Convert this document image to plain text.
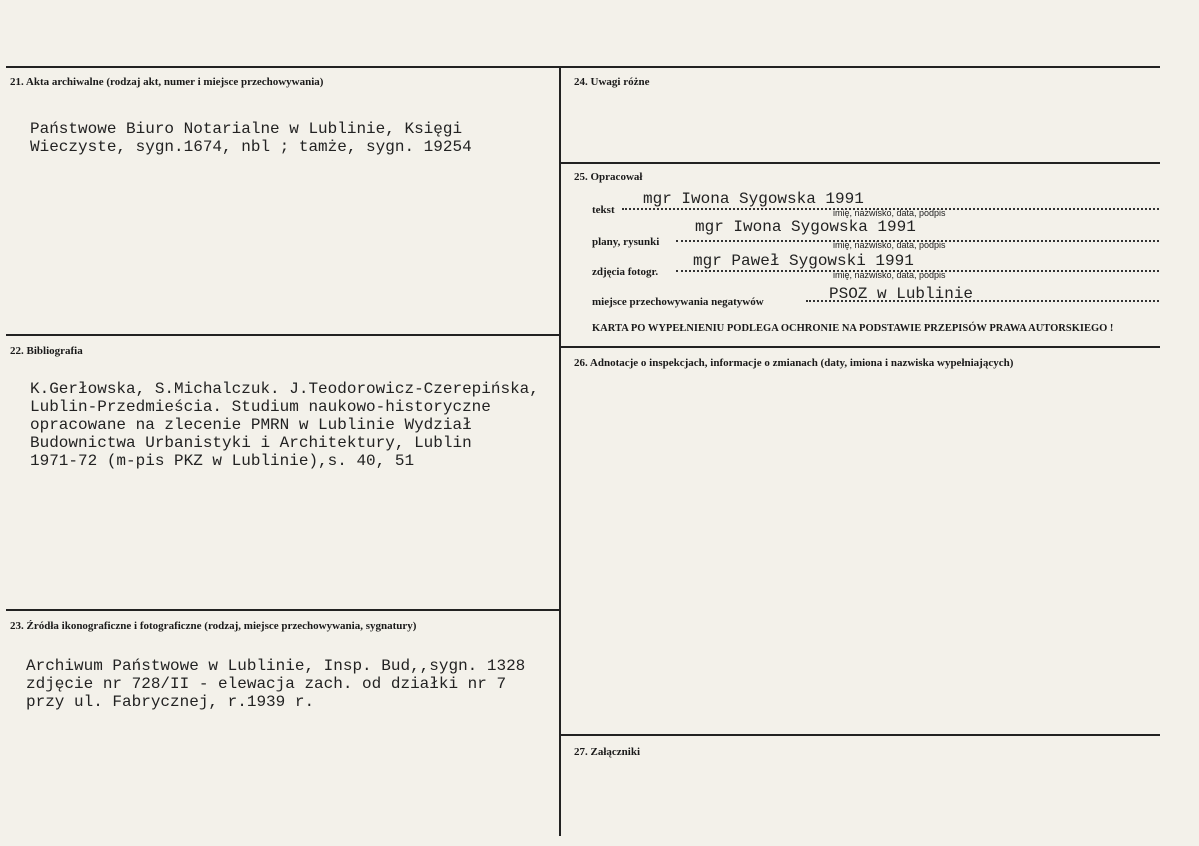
21. Akta archiwalne (rodzaj akt, numer i miejsce przechowywania)
Państwowe Biuro Notarialne w Lublinie, Księgi
Wieczyste, sygn.1674, nbl ; tamże, sygn. 19254
22. Bibliografia
K.Gerłowska, S.Michalczuk. J.Teodorowicz-Czerepińska,
Lublin-Przedmieścia. Studium naukowo-historyczne
opracowane na zlecenie PMRN w Lublinie Wydział
Budownictwa Urbanistyki i Architektury, Lublin
1971-72 (m-pis PKZ w Lublinie),s. 40, 51
23. Źródła ikonograficzne i fotograficzne (rodzaj, miejsce przechowywania, sygnatury)
Archiwum Państwowe w Lublinie, Insp. Bud,,sygn. 1328
zdjęcie nr 728/II - elewacja zach. od działki nr 7
przy ul. Fabrycznej, r.1939 r.
24. Uwagi różne
25. Opracował
tekst
mgr Iwona Sygowska 1991
imię, nazwisko, data, podpis
plany, rysunki
mgr Iwona Sygowska 1991
imię, nazwisko, data, podpis
zdjęcia fotogr.
mgr Paweł Sygowski 1991
imię, nazwisko, data, podpis
miejsce przechowywania negatywów	PSOZ w Lublinie
KARTA PO WYPEŁNIENIU PODLEGA OCHRONIE NA PODSTAWIE PRZEPISÓW PRAWA AUTORSKIEGO !
26. Adnotacje o inspekcjach, informacje o zmianach (daty, imiona i nazwiska wypełniających)
27. Załączniki
